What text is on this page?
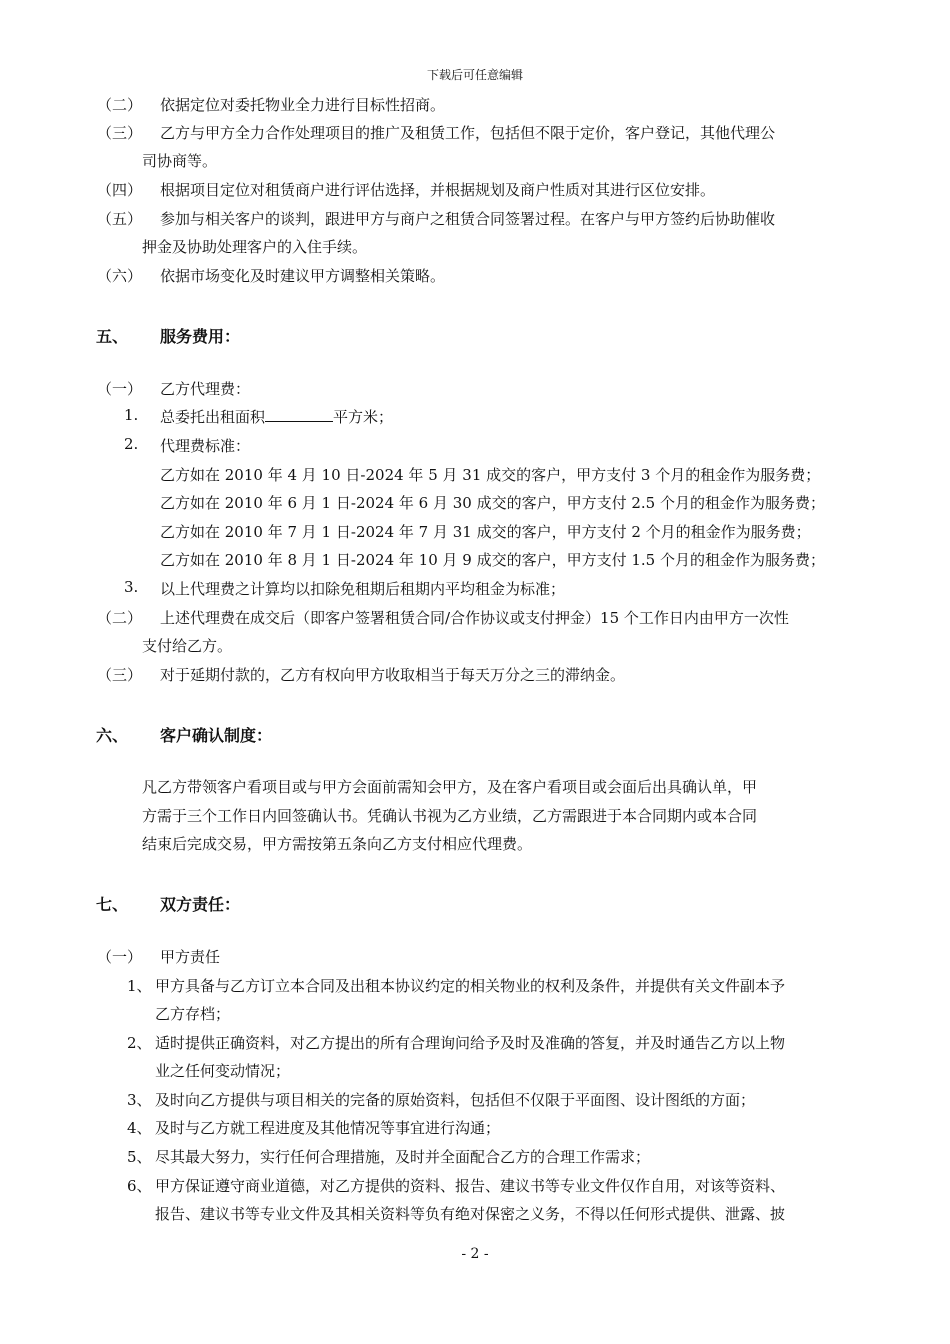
下载后可任意编辑
（二） 依据定位对委托物业全力进行目标性招商。
（三） 乙方与甲方全力合作处理项目的推广及租赁工作，包括但不限于定价，客户登记，其他代理公
司协商等。
（四） 根据项目定位对租赁商户进行评估选择，并根据规划及商户性质对其进行区位安排。
（五） 参加与相关客户的谈判，跟进甲方与商户之租赁合同签署过程。在客户与甲方签约后协助催收
押金及协助处理客户的入住手续。
（六） 依据市场变化及时建议甲方调整相关策略。
五、 服务费用：
（一） 乙方代理费：
1. 总委托出租面积	平方米；
2. 代理费标准：
乙方如在 2010 年 4 月 10 日-2024 年 5 月 31 成交的客户，甲方支付 3 个月的租金作为服务费；
乙方如在 2010 年 6 月 1 日-2024 年 6 月 30 成交的客户，甲方支付 2.5 个月的租金作为服务费；
乙方如在 2010 年 7 月 1 日-2024 年 7 月 31 成交的客户，甲方支付 2 个月的租金作为服务费；
乙方如在 2010 年 8 月 1 日-2024 年 10 月 9 成交的客户，甲方支付 1.5 个月的租金作为服务费；
3. 以上代理费之计算均以扣除免租期后租期内平均租金为标准；
（二） 上述代理费在成交后（即客户签署租赁合同/合作协议或支付押金）15 个工作日内由甲方一次性
支付给乙方。
（三） 对于延期付款的，乙方有权向甲方收取相当于每天万分之三的滞纳金。
六、 客户确认制度：
凡乙方带领客户看项目或与甲方会面前需知会甲方，及在客户看项目或会面后出具确认单，甲
方需于三个工作日内回签确认书。凭确认书视为乙方业绩，乙方需跟进于本合同期内或本合同
结束后完成交易，甲方需按第五条向乙方支付相应代理费。
七、 双方责任：
（一） 甲方责任
1、 甲方具备与乙方订立本合同及出租本协议约定的相关物业的权利及条件，并提供有关文件副本予
乙方存档；
2、 适时提供正确资料，对乙方提出的所有合理询问给予及时及准确的答复，并及时通告乙方以上物
业之任何变动情况；
3、 及时向乙方提供与项目相关的完备的原始资料，包括但不仅限于平面图、设计图纸的方面；
4、 及时与乙方就工程进度及其他情况等事宜进行沟通；
5、 尽其最大努力，实行任何合理措施，及时并全面配合乙方的合理工作需求；
6、 甲方保证遵守商业道德，对乙方提供的资料、报告、建议书等专业文件仅作自用，对该等资料、
报告、建议书等专业文件及其相关资料等负有绝对保密之义务，不得以任何形式提供、泄露、披
- 2 -
